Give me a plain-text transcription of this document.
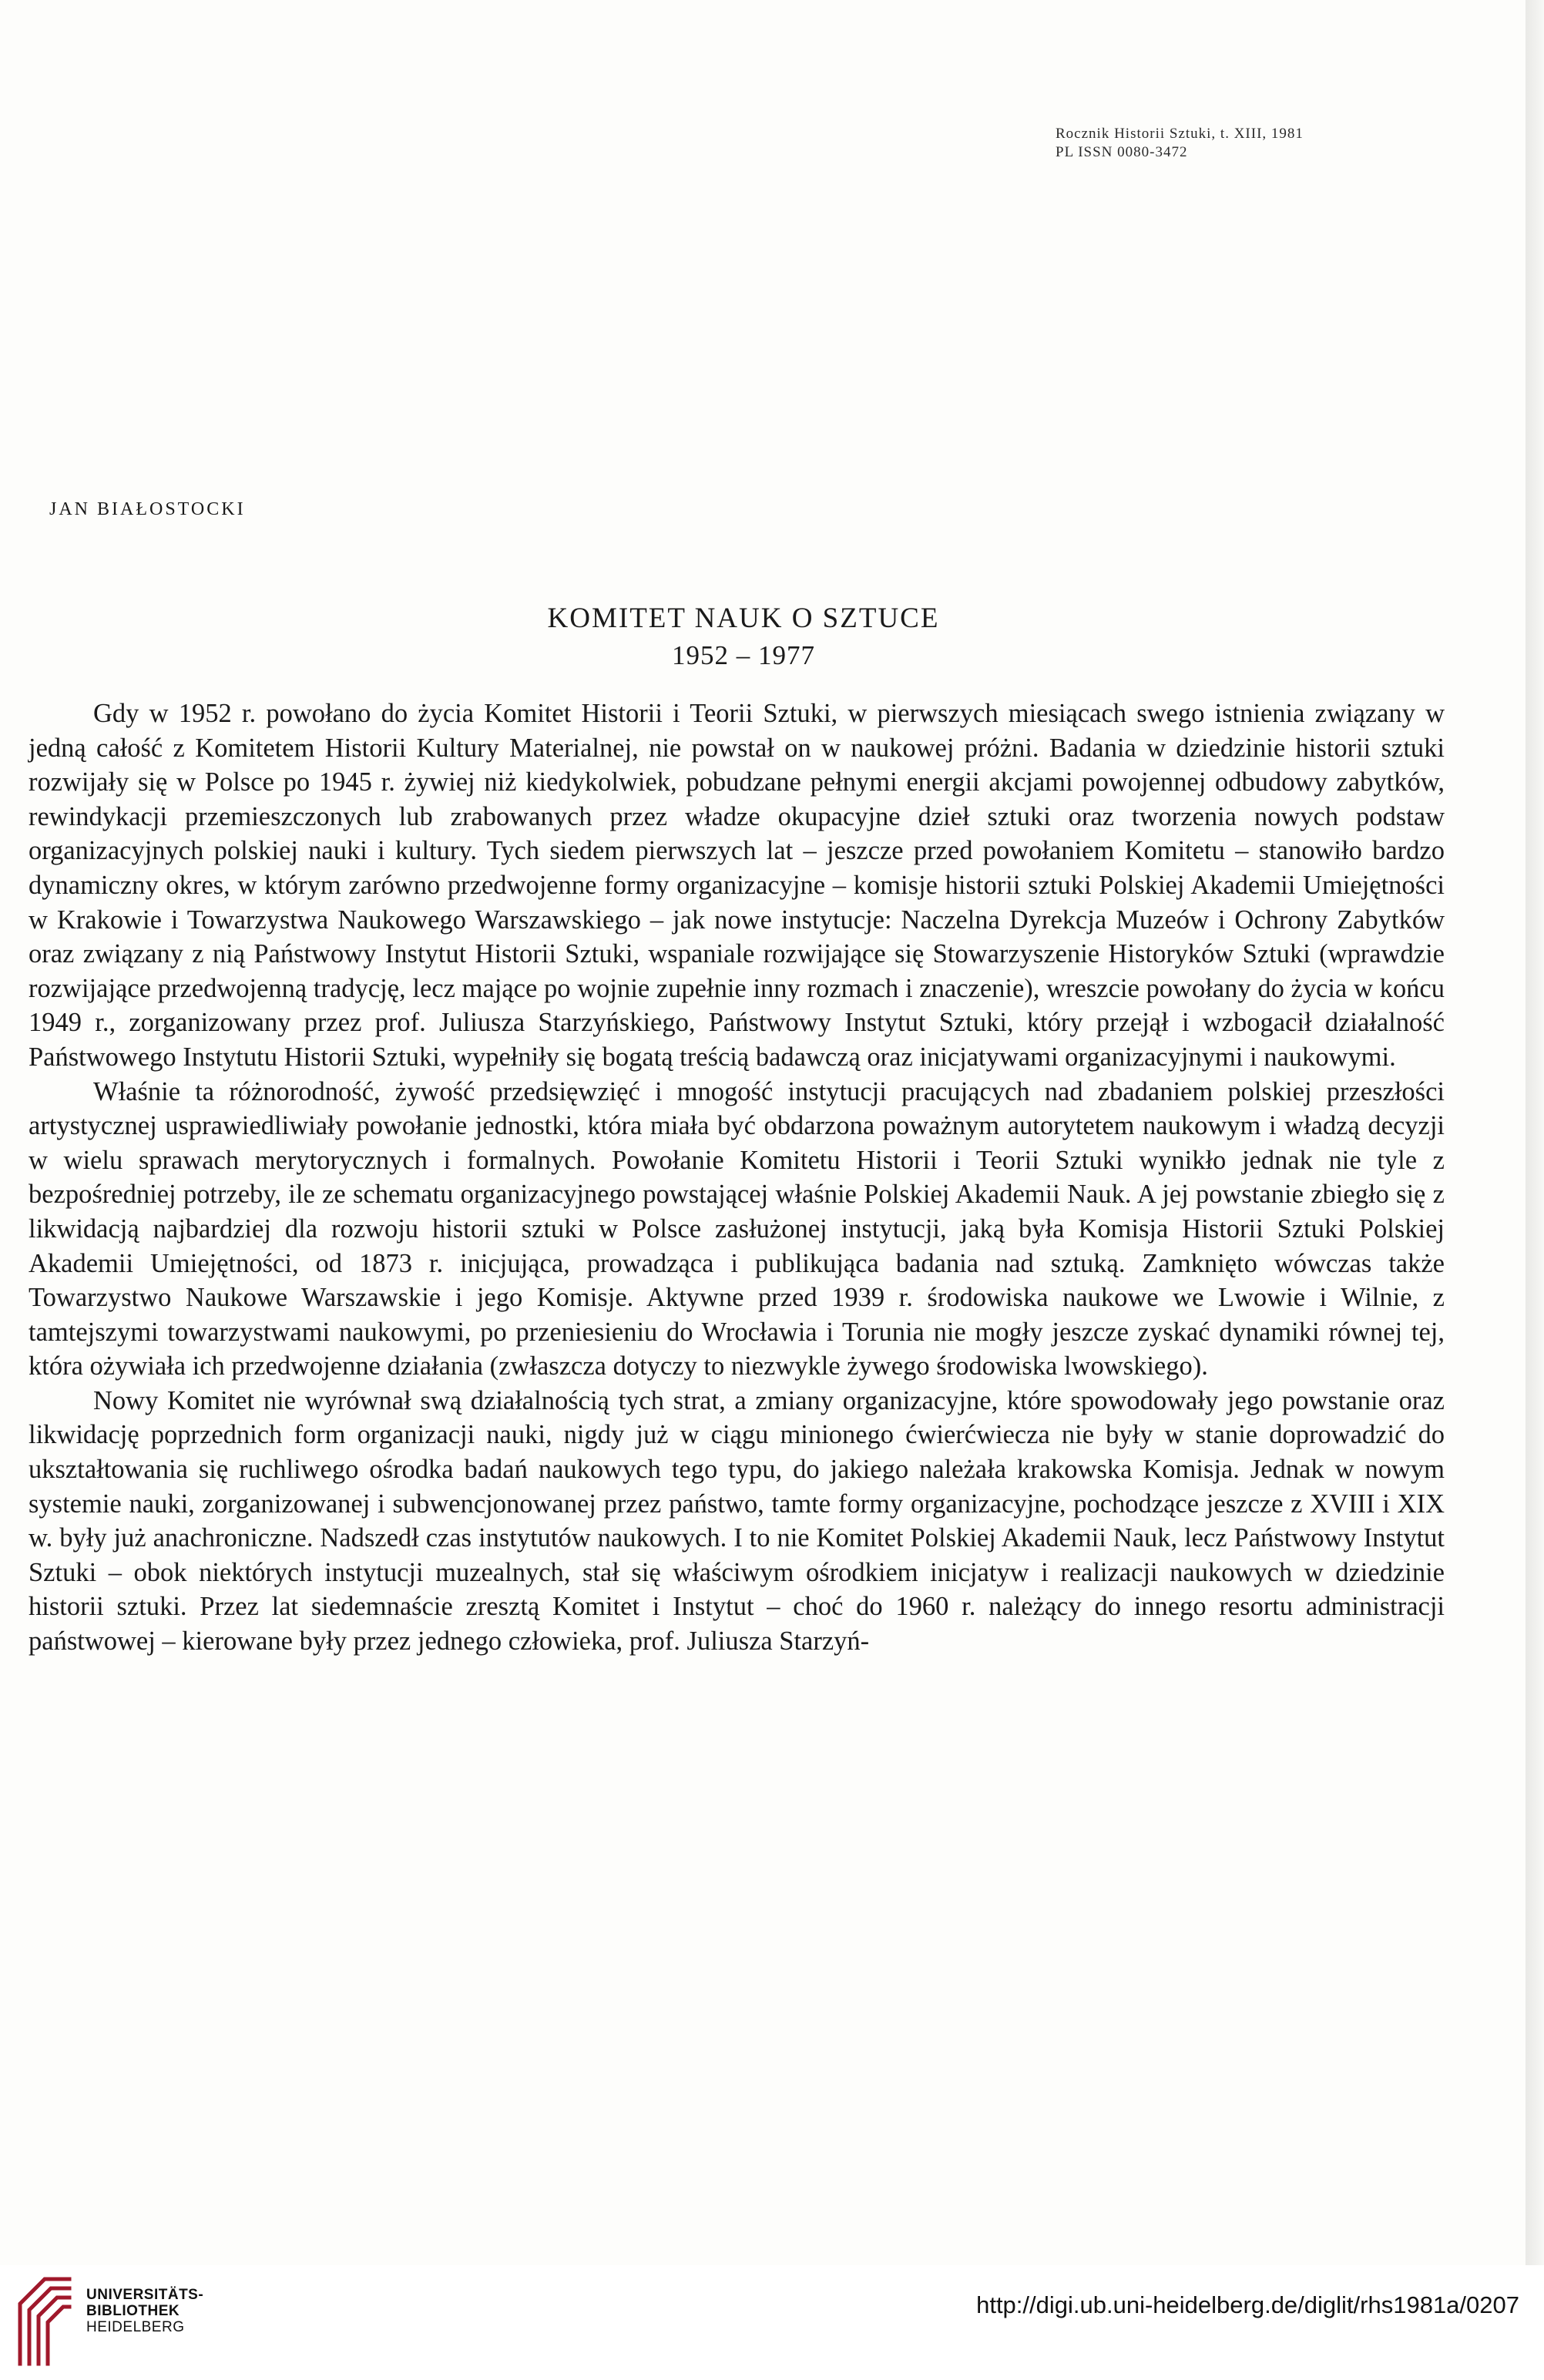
Rocznik Historii Sztuki, t. XIII, 1981
PL ISSN 0080-3472
JAN BIAŁOSTOCKI
KOMITET NAUK O SZTUCE
1952 – 1977

Gdy w 1952 r. powołano do życia Komitet Historii i Teorii Sztuki, w pierwszych miesiącach swego istnienia związany w jedną całość z Komitetem Historii Kultury Materialnej, nie powstał on w naukowej próżni. Badania w dziedzinie historii sztuki rozwijały się w Polsce po 1945 r. żywiej niż kiedykolwiek, pobudzane pełnymi energii akcjami powojennej odbudowy zabytków, rewindykacji przemieszczonych lub zrabowanych przez władze okupacyjne dzieł sztuki oraz tworzenia nowych podstaw organizacyjnych polskiej nauki i kultury. Tych siedem pierwszych lat – jeszcze przed powołaniem Komitetu – stanowiło bardzo dynamiczny okres, w którym zarówno przedwojenne formy organizacyjne – komisje historii sztuki Polskiej Akademii Umiejętności w Krakowie i Towarzystwa Naukowego Warszawskiego – jak nowe instytucje: Naczelna Dyrekcja Muzeów i Ochrony Zabytków oraz związany z nią Państwowy Instytut Historii Sztuki, wspaniale rozwijające się Stowarzyszenie Historyków Sztuki (wprawdzie rozwijające przedwojenną tradycję, lecz mające po wojnie zupełnie inny rozmach i znaczenie), wreszcie powołany do życia w końcu 1949 r., zorganizowany przez prof. Juliusza Starzyńskiego, Państwowy Instytut Sztuki, który przejął i wzbogacił działalność Państwowego Instytutu Historii Sztuki, wypełniły się bogatą treścią badawczą oraz inicjatywami organizacyjnymi i naukowymi.

Właśnie ta różnorodność, żywość przedsięwzięć i mnogość instytucji pracujących nad zbadaniem polskiej przeszłości artystycznej usprawiedliwiały powołanie jednostki, która miała być obdarzona poważnym autorytetem naukowym i władzą decyzji w wielu sprawach merytorycznych i formalnych. Powołanie Komitetu Historii i Teorii Sztuki wynikło jednak nie tyle z bezpośredniej potrzeby, ile ze schematu organizacyjnego powstającej właśnie Polskiej Akademii Nauk. A jej powstanie zbiegło się z likwidacją najbardziej dla rozwoju historii sztuki w Polsce zasłużonej instytucji, jaką była Komisja Historii Sztuki Polskiej Akademii Umiejętności, od 1873 r. inicjująca, prowadząca i publikująca badania nad sztuką. Zamknięto wówczas także Towarzystwo Naukowe Warszawskie i jego Komisje. Aktywne przed 1939 r. środowiska naukowe we Lwowie i Wilnie, z tamtejszymi towarzystwami naukowymi, po przeniesieniu do Wrocławia i Torunia nie mogły jeszcze zyskać dynamiki równej tej, która ożywiała ich przedwojenne działania (zwłaszcza dotyczy to niezwykle żywego środowiska lwowskiego).

Nowy Komitet nie wyrównał swą działalnością tych strat, a zmiany organizacyjne, które spowodowały jego powstanie oraz likwidację poprzednich form organizacji nauki, nigdy już w ciągu minionego ćwierćwiecza nie były w stanie doprowadzić do ukształtowania się ruchliwego ośrodka badań naukowych tego typu, do jakiego należała krakowska Komisja. Jednak w nowym systemie nauki, zorganizowanej i subwencjonowanej przez państwo, tamte formy organizacyjne, pochodzące jeszcze z XVIII i XIX w. były już anachroniczne. Nadszedł czas instytutów naukowych. I to nie Komitet Polskiej Akademii Nauk, lecz Państwowy Instytut Sztuki – obok niektórych instytucji muzealnych, stał się właściwym ośrodkiem inicjatyw i realizacji naukowych w dziedzinie historii sztuki. Przez lat siedemnaście zresztą Komitet i Instytut – choć do 1960 r. należący do innego resortu administracji państwowej – kierowane były przez jednego człowieka, prof. Juliusza Starzyń-

UNIVERSITÄTS-
BIBLIOTHEK
HEIDELBERG
http://digi.ub.uni-heidelberg.de/diglit/rhs1981a/0207
